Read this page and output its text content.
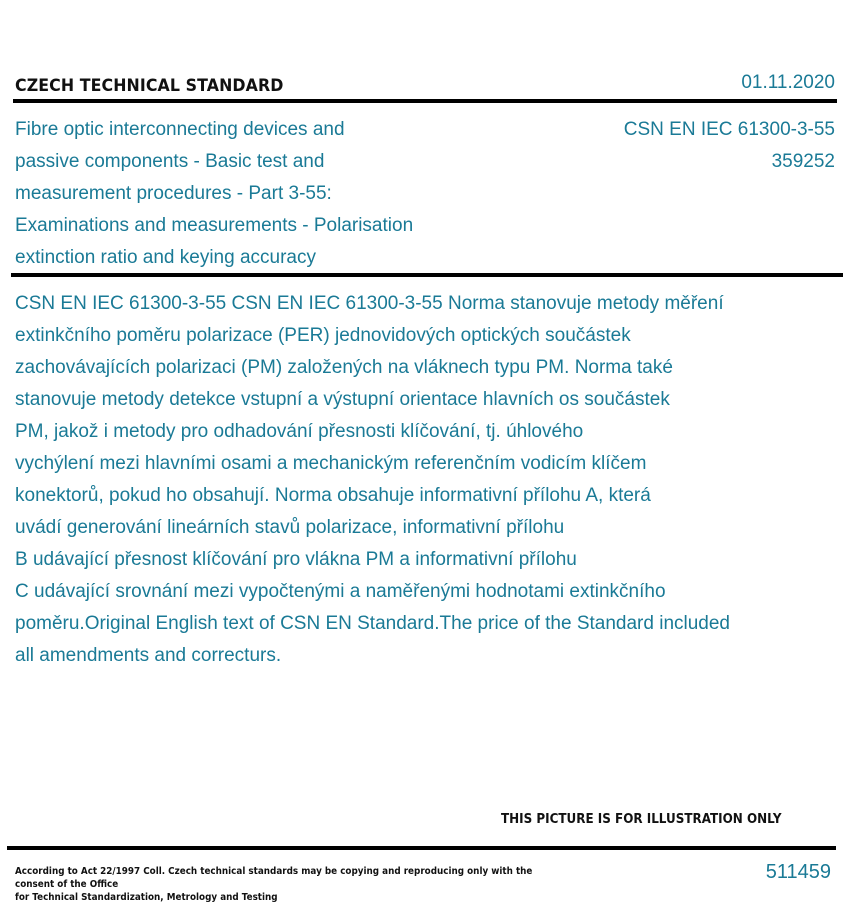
CZECH TECHNICAL STANDARD	01.11.2020
Fibre optic interconnecting devices and
passive components - Basic test and
measurement procedures - Part 3-55:
Examinations and measurements - Polarisation
extinction ratio and keying accuracy
CSN EN IEC 61300-3-55
359252
CSN EN IEC 61300-3-55 CSN EN IEC 61300-3-55 Norma stanovuje metody měření
extinkčního poměru polarizace (PER) jednovidových optických součástek
zachovávajících polarizaci (PM) založených na vláknech typu PM. Norma také
stanovuje metody detekce vstupní a výstupní orientace hlavních os součástek
PM, jakož i metody pro odhadování přesnosti klíčování, tj. úhlového
vychýlení mezi hlavními osami a mechanickým referenčním vodicím klíčem
konektorů, pokud ho obsahují. Norma obsahuje informativní přílohu A, která
uvádí generování lineárních stavů polarizace, informativní přílohu
B udávající přesnost klíčování pro vlákna PM a informativní přílohu
C udávající srovnání mezi vypočtenými a naměřenými hodnotami extinkčního
poměru.Original English text of CSN EN Standard.The price of the Standard included
all amendments and correcturs.
THIS PICTURE IS FOR ILLUSTRATION ONLY
According to Act 22/1997 Coll. Czech technical standards may be copying and reproducing only with the consent of the Office
for Technical Standardization, Metrology and Testing
511459
